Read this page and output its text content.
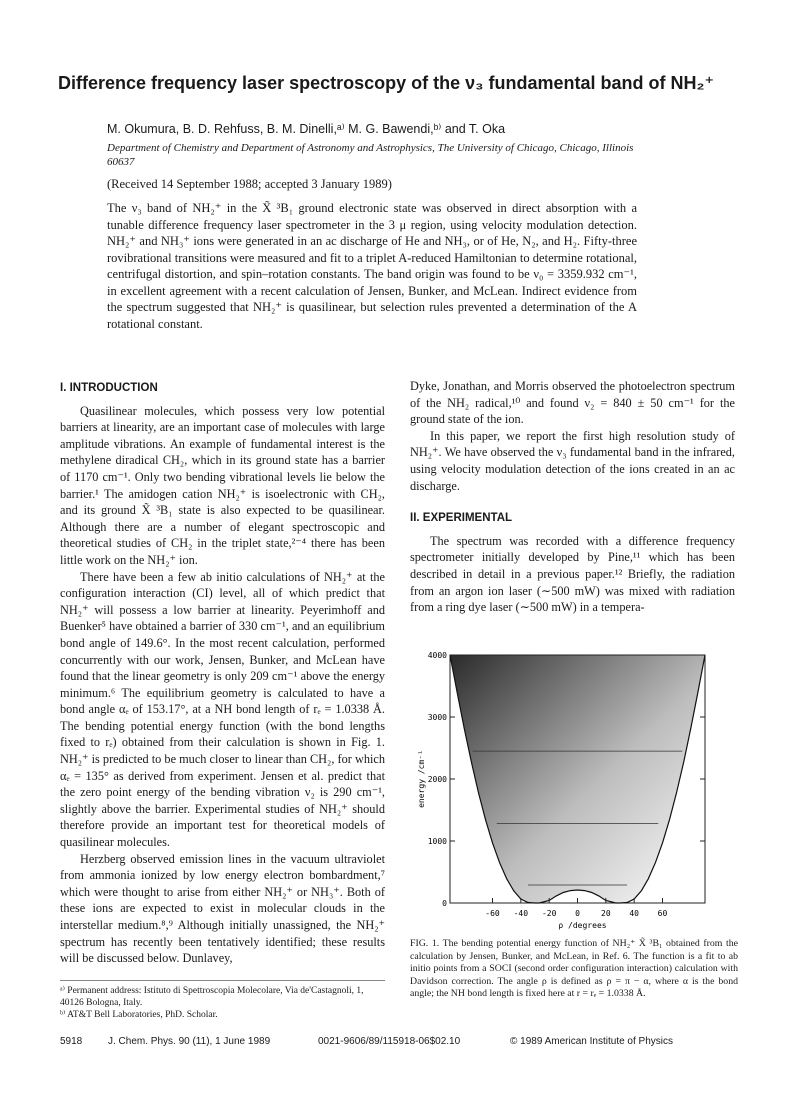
Difference frequency laser spectroscopy of the ν₃ fundamental band of NH₂⁺
M. Okumura, B. D. Rehfuss, B. M. Dinelli,ᵃ⁾ M. G. Bawendi,ᵇ⁾ and T. Oka
Department of Chemistry and Department of Astronomy and Astrophysics, The University of Chicago, Chicago, Illinois 60637
(Received 14 September 1988; accepted 3 January 1989)

The ν₃ band of NH₂⁺ in the X̃ ³B₁ ground electronic state was observed in direct absorption with a tunable difference frequency laser spectrometer in the 3 μ region, using velocity modulation detection. NH₂⁺ and NH₃⁺ ions were generated in an ac discharge of He and NH₃, or of He, N₂, and H₂. Fifty-three rovibrational transitions were measured and fit to a triplet A-reduced Hamiltonian to determine rotational, centrifugal distortion, and spin–rotation constants. The band origin was found to be ν₀ = 3359.932 cm⁻¹, in excellent agreement with a recent calculation of Jensen, Bunker, and McLean. Indirect evidence from the spectrum suggested that NH₂⁺ is quasilinear, but selection rules prevented a determination of the A rotational constant.

I. INTRODUCTION

Quasilinear molecules, which possess very low potential barriers at linearity, are an important case of molecules with large amplitude vibrations. An example of fundamental interest is the methylene diradical CH₂, which in its ground state has a barrier of 1170 cm⁻¹. Only two bending vibrational levels lie below the barrier.¹ The amidogen cation NH₂⁺ is isoelectronic with CH₂, and its ground X̃ ³B₁ state is also expected to be quasilinear. Although there are a number of elegant spectroscopic and theoretical studies of CH₂ in the triplet state,²⁻⁴ there has been little work on the NH₂⁺ ion.

There have been a few ab initio calculations of NH₂⁺ at the configuration interaction (CI) level, all of which predict that NH₂⁺ will possess a low barrier at linearity. Peyerimhoff and Buenker⁵ have obtained a barrier of 330 cm⁻¹, and an equilibrium bond angle of 149.6°. In the most recent calculation, performed concurrently with our work, Jensen, Bunker, and McLean have found that the linear geometry is only 209 cm⁻¹ above the energy minimum.⁶ The equilibrium geometry is calculated to have a bond angle αₑ of 153.17°, at a NH bond length of rₑ = 1.0338 Å. The bending potential energy function (with the bond lengths fixed to rₑ) obtained from their calculation is shown in Fig. 1. NH₂⁺ is predicted to be much closer to linear than CH₂, for which αₑ = 135° as derived from experiment. Jensen et al. predict that the zero point energy of the bending vibration ν₂ is 290 cm⁻¹, slightly above the barrier. Experimental studies of NH₂⁺ should therefore provide an important test for theoretical models of quasilinear molecules.

Herzberg observed emission lines in the vacuum ultraviolet from ammonia ionized by low energy electron bombardment,⁷ which were thought to arise from either NH₂⁺ or NH₃⁺. Both of these ions are expected to exist in molecular clouds in the interstellar medium.⁸,⁹ Although initially unassigned, the NH₂⁺ spectrum has recently been tentatively identified; these results will be discussed below. Dunlavey,

Dyke, Jonathan, and Morris observed the photoelectron spectrum of the NH₂ radical,¹⁰ and found ν₂ = 840 ± 50 cm⁻¹ for the ground state of the ion.

In this paper, we report the first high resolution study of NH₂⁺. We have observed the ν₃ fundamental band in the infrared, using velocity modulation detection of the ions created in an ac discharge.

II. EXPERIMENTAL

The spectrum was recorded with a difference frequency spectrometer initially developed by Pine,¹¹ which has been described in detail in a previous paper.¹² Briefly, the radiation from an argon ion laser (∼500 mW) was mixed with radiation from a ring dye laser (∼500 mW) in a tempera-

0
1000
2000
3000
4000
-60 -40 -20 0	20 40 60
ρ /degrees
energy /cm⁻¹
FIG. 1. The bending potential energy function of NH₂⁺ X̃ ³B₁ obtained from the calculation by Jensen, Bunker, and McLean, in Ref. 6. The function is a fit to ab initio points from a SOCI (second order configuration interaction) calculation with Davidson correction. The angle ρ is defined as ρ = π − α, where α is the bond angle; the NH bond length is fixed here at r = rₑ = 1.0338 Å.
ᵃ⁾ Permanent address: Istituto di Spettroscopia Molecolare, Via de'Castagnoli, 1, 40126 Bologna, Italy.
ᵇ⁾ AT&T Bell Laboratories, PhD. Scholar.
5918	J. Chem. Phys. 90 (11), 1 June 1989	0021-9606/89/115918-06$02.10	© 1989 American Institute of Physics
